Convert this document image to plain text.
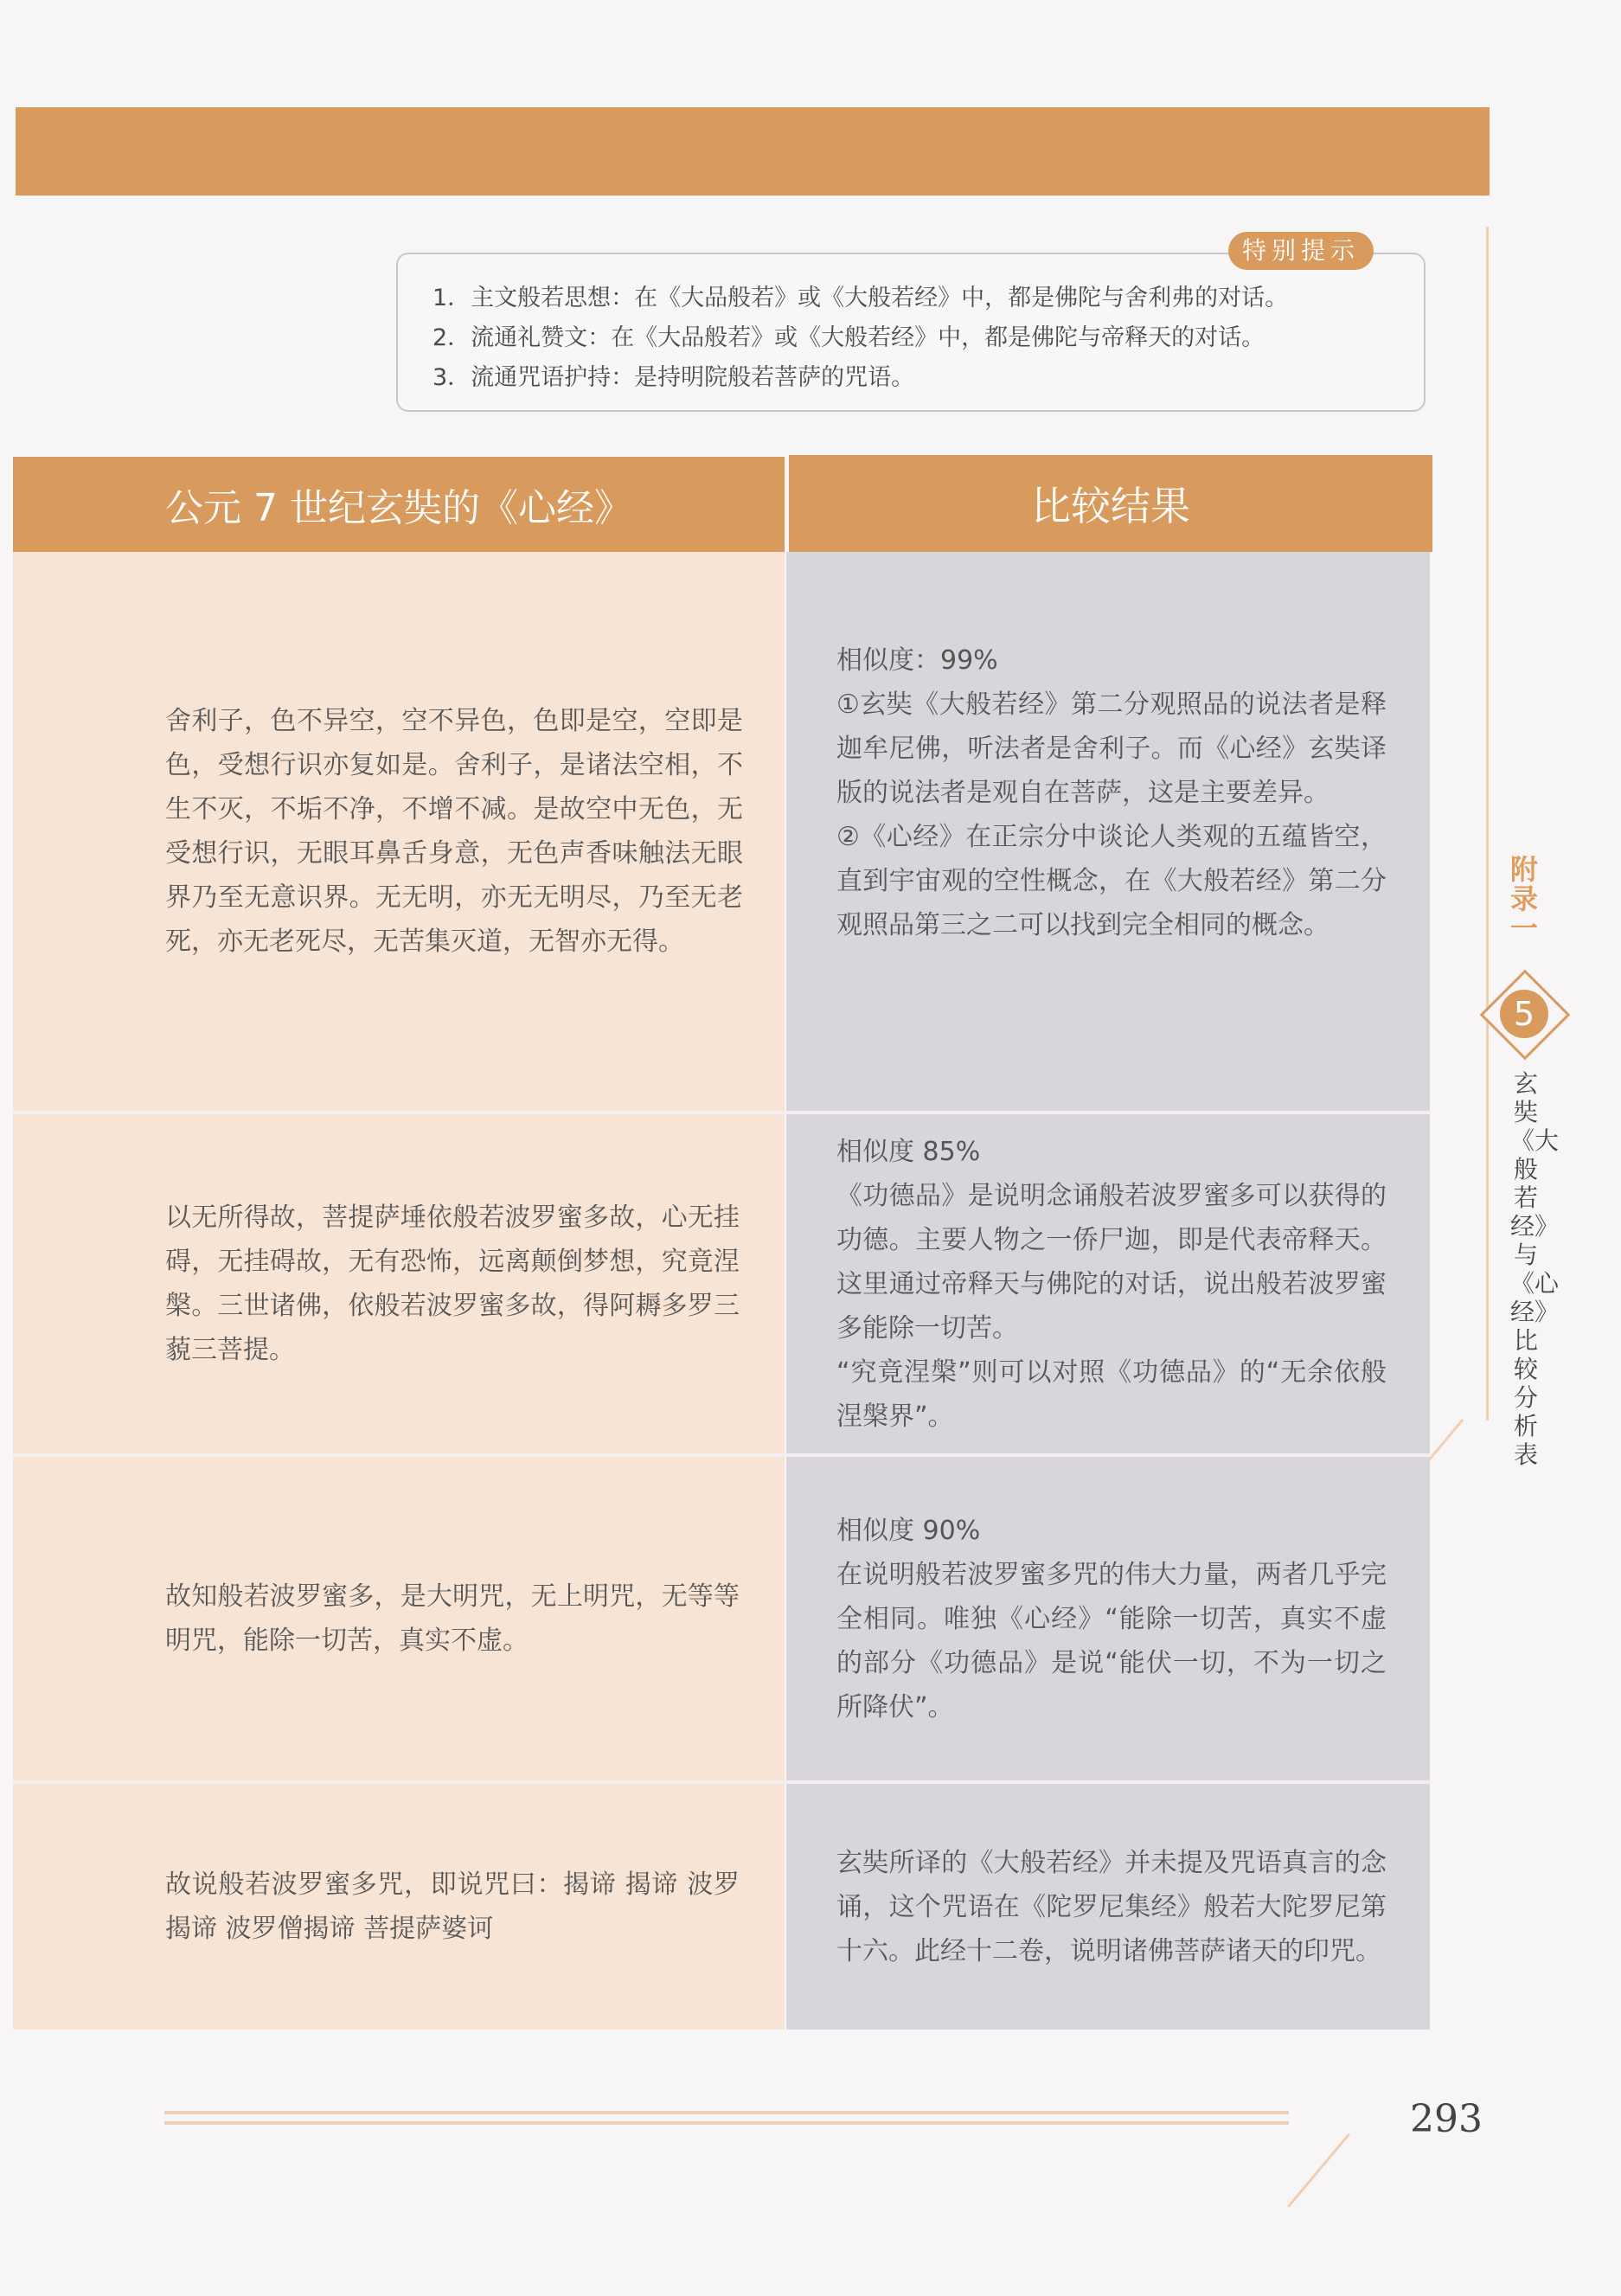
特别提示
1．主文般若思想：在《大品般若》或《大般若经》中，都是佛陀与舍利弗的对话。
2．流通礼赞文：在《大品般若》或《大般若经》中，都是佛陀与帝释天的对话。
3．流通咒语护持：是持明院般若菩萨的咒语。
公元 7 世纪玄奘的《心经》	比较结果
舍利子，色不异空，空不异色，色即是空，空即是色，受想行识亦复如是。舍利子，是诸法空相，不生不灭，不垢不净，不增不减。是故空中无色，无受想行识，无眼耳鼻舌身意，无色声香味触法无眼界乃至无意识界。无无明，亦无无明尽，乃至无老死，亦无老死尽，无苦集灭道，无智亦无得。
相似度：99%
①玄奘《大般若经》第二分观照品的说法者是释迦牟尼佛，听法者是舍利子。而《心经》玄奘译版的说法者是观自在菩萨，这是主要差异。
②《心经》在正宗分中谈论人类观的五蕴皆空，直到宇宙观的空性概念，在《大般若经》第二分观照品第三之二可以找到完全相同的概念。
以无所得故，菩提萨埵依般若波罗蜜多故，心无挂碍，无挂碍故，无有恐怖，远离颠倒梦想，究竟涅槃。三世诸佛，依般若波罗蜜多故，得阿耨多罗三藐三菩提。
相似度 85%
《功德品》是说明念诵般若波罗蜜多可以获得的功德。主要人物之一侨尸迦，即是代表帝释天。这里通过帝释天与佛陀的对话，说出般若波罗蜜多能除一切苦。
“究竟涅槃”则可以对照《功德品》的“无余依般涅槃界”。
故知般若波罗蜜多，是大明咒，无上明咒，无等等明咒，能除一切苦，真实不虚。
相似度 90%
在说明般若波罗蜜多咒的伟大力量，两者几乎完全相同。唯独《心经》“能除一切苦，真实不虚的部分《功德品》是说“能伏一切，不为一切之所降伏”。
故说般若波罗蜜多咒，即说咒曰：揭谛 揭谛 波罗揭谛 波罗僧揭谛 菩提萨婆诃
玄奘所译的《大般若经》并未提及咒语真言的念诵，这个咒语在《陀罗尼集经》般若大陀罗尼第十六。此经十二卷，说明诸佛菩萨诸天的印咒。
附录一
5
玄奘《大般若经》与《心经》比较分析表
293
